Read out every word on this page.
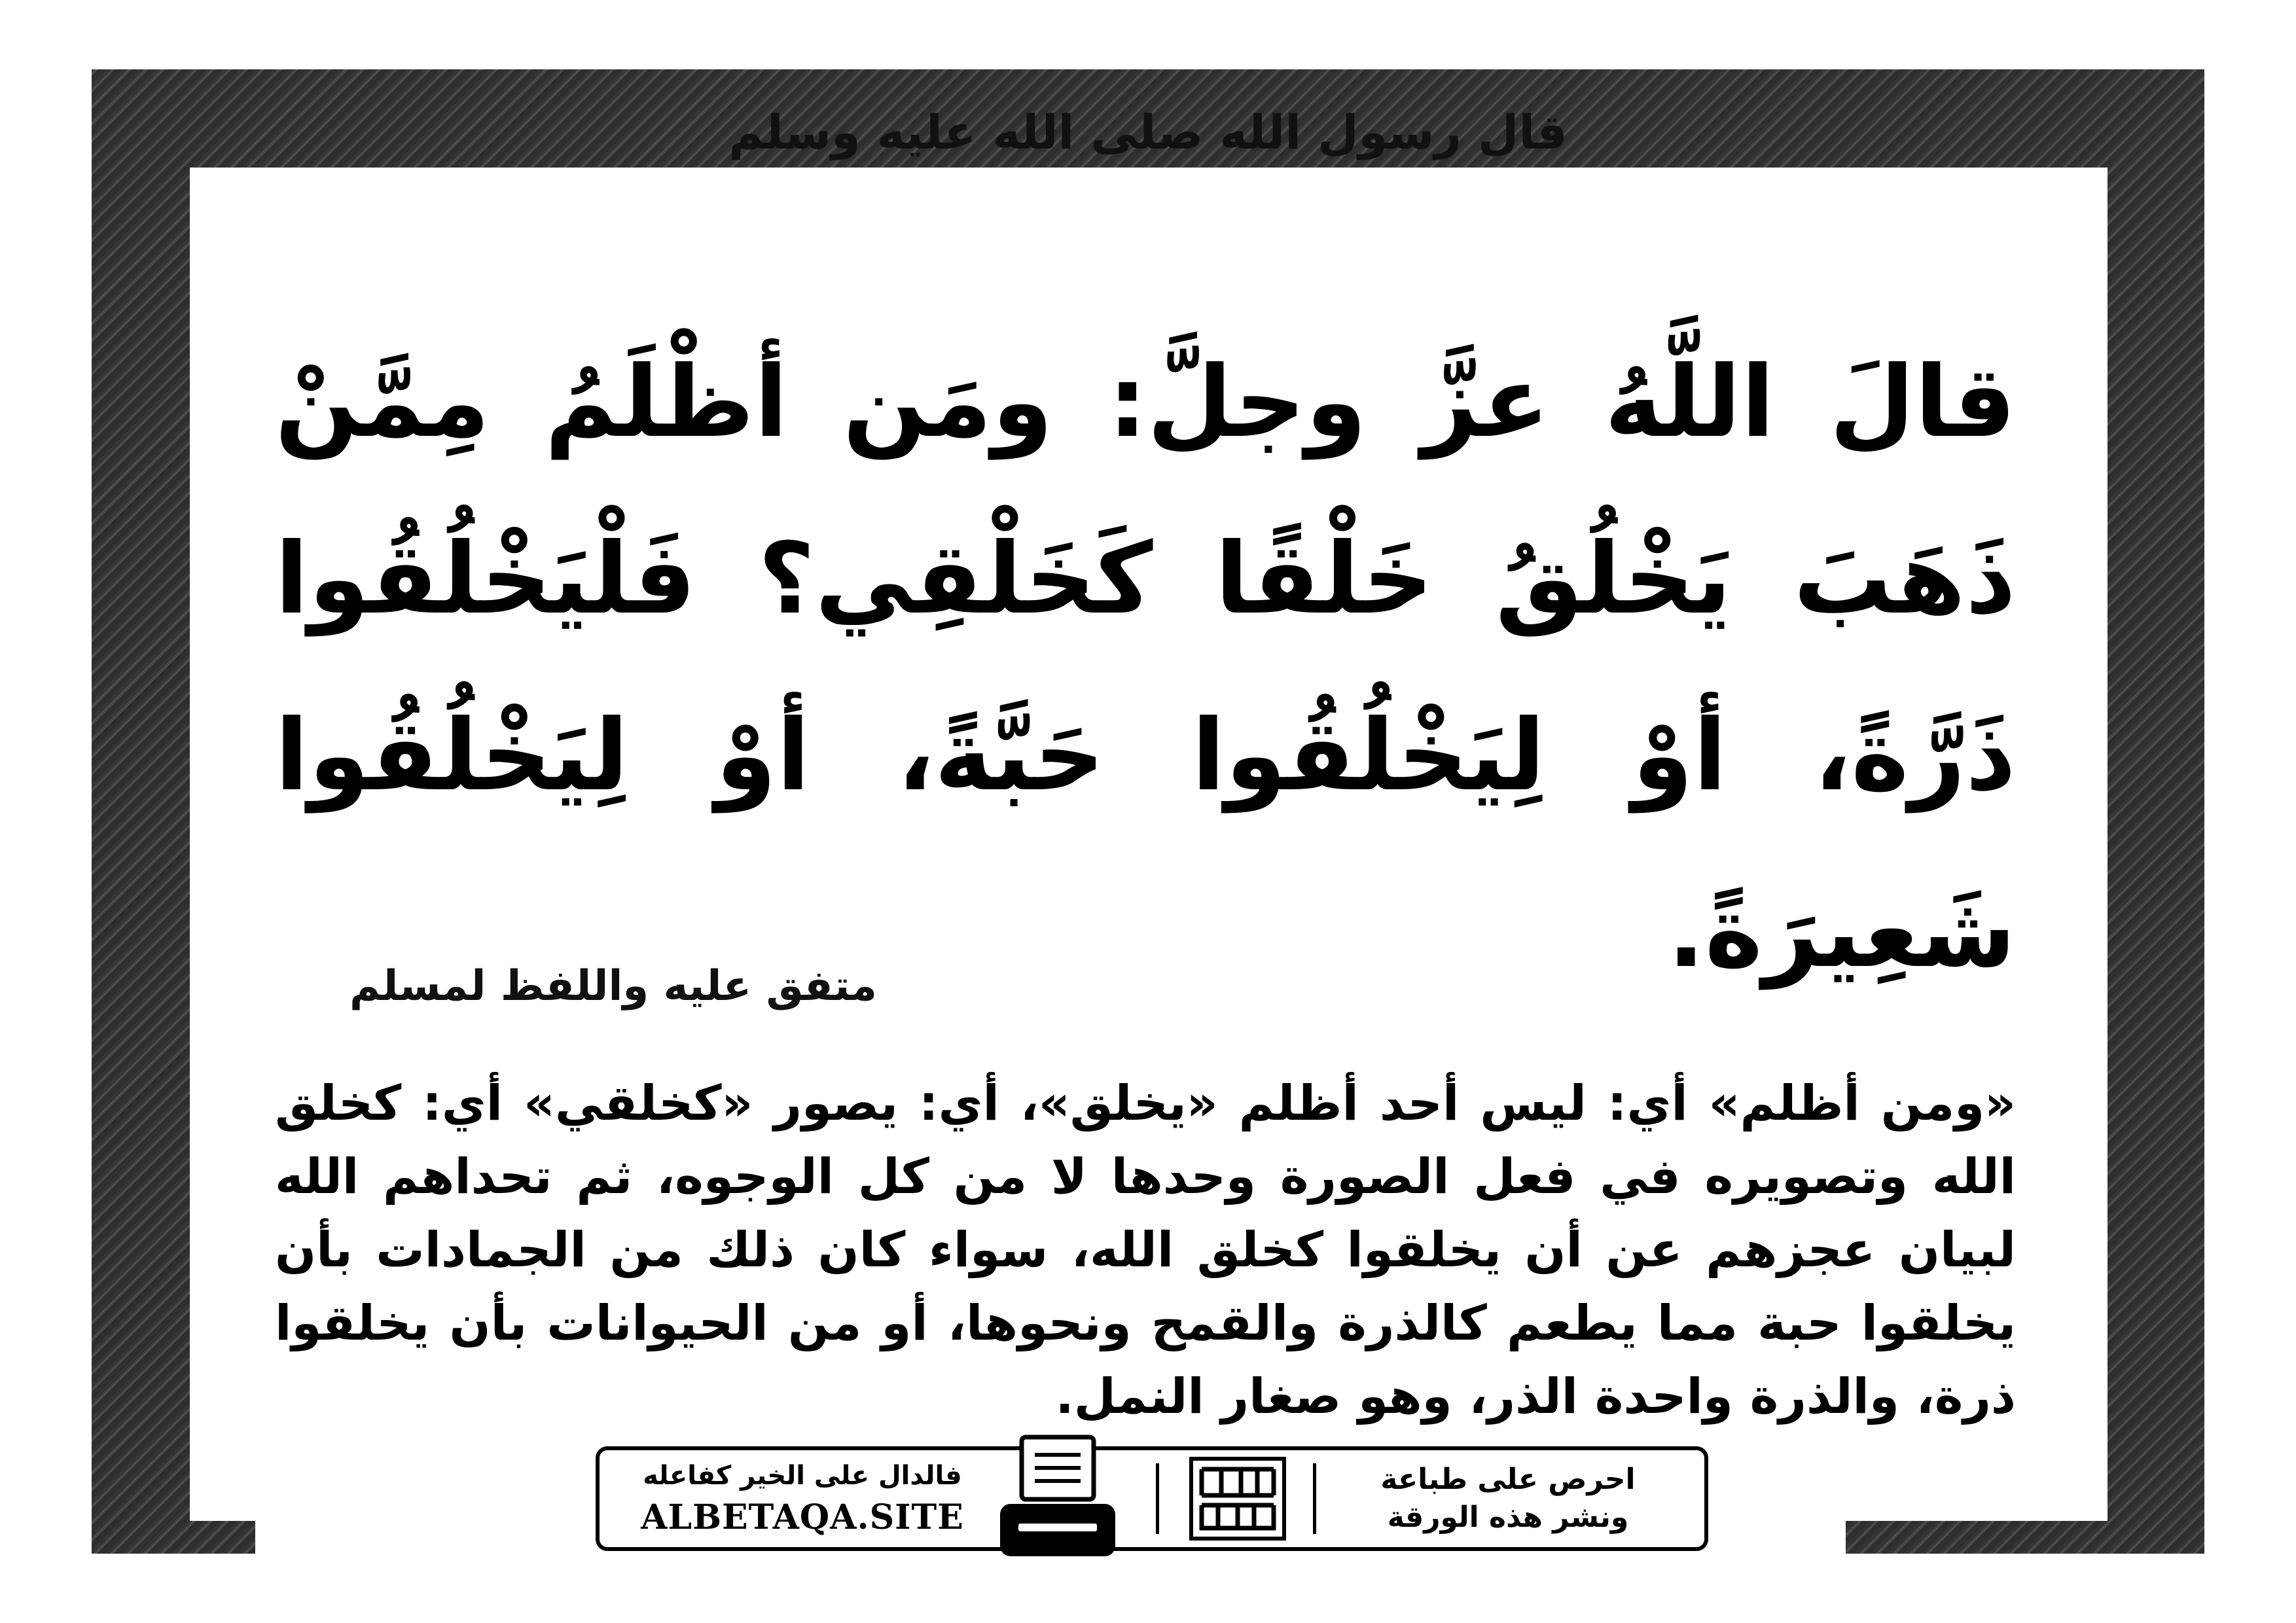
قال رسول الله صلى الله عليه وسلم
قالَ اللَّهُ عزَّ وجلَّ: ومَن أظْلَمُ مِمَّنْ ذَهَبَ يَخْلُقُ خَلْقًا كَخَلْقِي؟ فَلْيَخْلُقُوا ذَرَّةً، أوْ لِيَخْلُقُوا حَبَّةً، أوْ لِيَخْلُقُوا شَعِيرَةً.
متفق عليه واللفظ لمسلم
«ومن أظلم» أي: ليس أحد أظلم «يخلق»، أي: يصور «كخلقي» أي: كخلق الله وتصويره في فعل الصورة وحدها لا من كل الوجوه، ثم تحداهم الله لبيان عجزهم عن أن يخلقوا كخلق الله، سواء كان ذلك من الجمادات بأن يخلقوا حبة مما يطعم كالذرة والقمح ونحوها، أو من الحيوانات بأن يخلقوا ذرة، والذرة واحدة الذر، وهو صغار النمل.
احرص على طباعة
ونشر هذه الورقة
فالدال على الخير كفاعله
ALBETAQA.SITE
